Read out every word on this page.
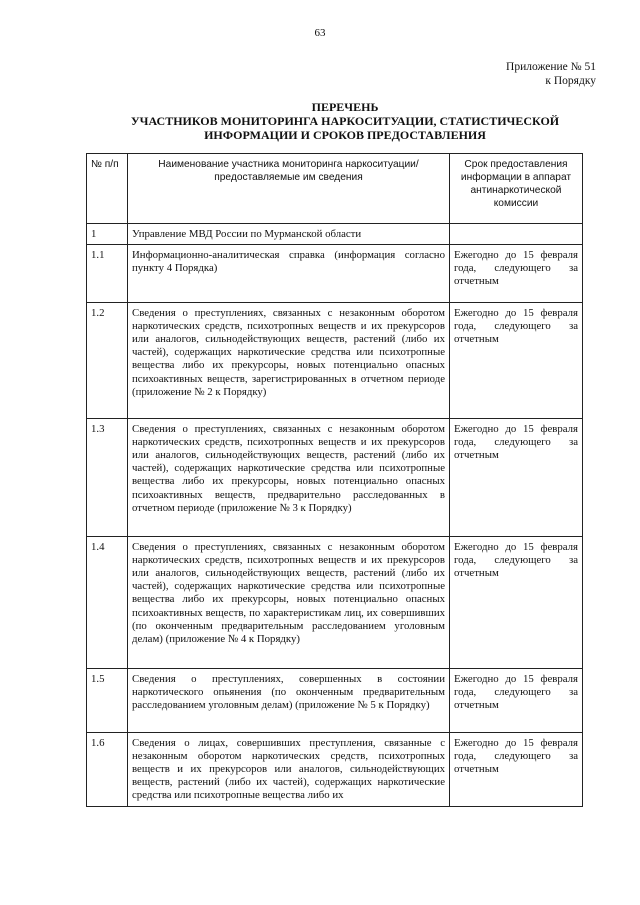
63
Приложение № 51
к Порядку
ПЕРЕЧЕНЬ
УЧАСТНИКОВ МОНИТОРИНГА НАРКОСИТУАЦИИ, СТАТИСТИЧЕСКОЙ
ИНФОРМАЦИИ И СРОКОВ ПРЕДОСТАВЛЕНИЯ
№ п/п	Наименование участника мониторинга наркоситуации/предоставляемые им сведения	Срок предоставления информации в аппарат антинаркотической комиссии
1	Управление МВД России по Мурманской области	
1.1	Информационно-аналитическая справка (информация согласно пункту 4 Порядка)	Ежегодно до 15 февраля года, следующего за отчетным
1.2	Сведения о преступлениях, связанных с незаконным оборотом наркотических средств, психотропных веществ и их прекурсоров или аналогов, сильнодействующих веществ, растений (либо их частей), содержащих наркотические средства или психотропные вещества либо их прекурсоры, новых потенциально опасных психоактивных веществ, зарегистрированных в отчетном периоде (приложение № 2 к Порядку)	Ежегодно до 15 февраля года, следующего за отчетным
1.3	Сведения о преступлениях, связанных с незаконным оборотом наркотических средств, психотропных веществ и их прекурсоров или аналогов, сильнодействующих веществ, растений (либо их частей), содержащих наркотические средства или психотропные вещества либо их прекурсоры, новых потенциально опасных психоактивных веществ, предварительно расследованных в отчетном периоде (приложение № 3 к Порядку)	Ежегодно до 15 февраля года, следующего за отчетным
1.4	Сведения о преступлениях, связанных с незаконным оборотом наркотических средств, психотропных веществ и их прекурсоров или аналогов, сильнодействующих веществ, растений (либо их частей), содержащих наркотические средства или психотропные вещества либо их прекурсоры, новых потенциально опасных психоактивных веществ, по характеристикам лиц, их совершивших (по оконченным предварительным расследованием уголовным делам) (приложение № 4 к Порядку)	Ежегодно до 15 февраля года, следующего за отчетным
1.5	Сведения о преступлениях, совершенных в состоянии наркотического опьянения (по оконченным предварительным расследованием уголовным делам) (приложение № 5 к Порядку)	Ежегодно до 15 февраля года, следующего за отчетным
1.6	Сведения о лицах, совершивших преступления, связанные с незаконным оборотом наркотических средств, психотропных веществ и их прекурсоров или аналогов, сильнодействующих веществ, растений (либо их частей), содержащих наркотические средства или психотропные вещества либо их	Ежегодно до 15 февраля года, следующего за отчетным
